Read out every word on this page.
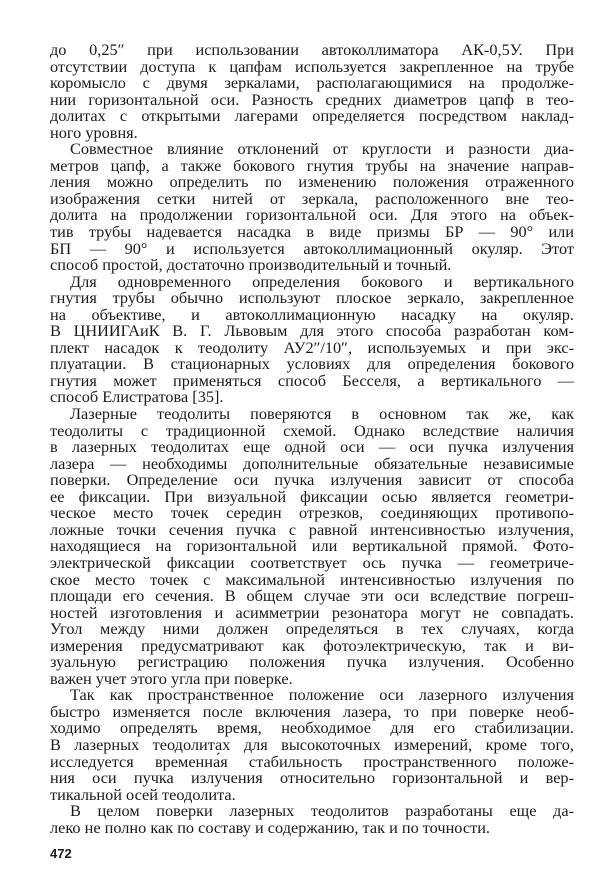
до 0,25″ при использовании автоколлиматора АК-0,5У. При
отсутствии доступа к цапфам используется закрепленное на трубе
коромысло с двумя зеркалами, располагающимися на продолже-
нии горизонтальной оси. Разность средних диаметров цапф в тео-
долитах с открытыми лагерами определяется посредством наклад-
ного уровня.
Совместное влияние отклонений от круглости и разности диа-
метров цапф, а также бокового гнутия трубы на значение направ-
ления можно определить по изменению положения отраженного
изображения сетки нитей от зеркала, расположенного вне тео-
долита на продолжении горизонтальной оси. Для этого на объек-
тив трубы надевается насадка в виде призмы БР — 90° или
БП — 90° и используется автоколлимационный окуляр. Этот
способ простой, достаточно производительный и точный.
Для одновременного определения бокового и вертикального
гнутия трубы обычно используют плоское зеркало, закрепленное
на объективе, и автоколлимационную насадку на окуляр.
В ЦНИИГАиК В. Г. Львовым для этого способа разработан ком-
плект насадок к теодолиту АУ2″/10″, используемых и при экс-
плуатации. В стационарных условиях для определения бокового
гнутия может применяться способ Бесселя, а вертикального —
способ Елистратова [35].
Лазерные теодолиты поверяются в основном так же, как
теодолиты с традиционной схемой. Однако вследствие наличия
в лазерных теодолитах еще одной оси — оси пучка излучения
лазера — необходимы дополнительные обязательные независимые
поверки. Определение оси пучка излучения зависит от способа
ее фиксации. При визуальной фиксации осью является геометри-
ческое место точек середин отрезков, соединяющих противопо-
ложные точки сечения пучка с равной интенсивностью излучения,
находящиеся на горизонтальной или вертикальной прямой. Фото-
электрической фиксации соответствует ось пучка — геометриче-
ское место точек с максимальной интенсивностью излучения по
площади его сечения. В общем случае эти оси вследствие погреш-
ностей изготовления и асимметрии резонатора могут не совпадать.
Угол между ними должен определяться в тех случаях, когда
измерения предусматривают как фотоэлектрическую, так и ви-
зуальную регистрацию положения пучка излучения. Особенно
важен учет этого угла при поверке.
Так как пространственное положение оси лазерного излучения
быстро изменяется после включения лазера, то при поверке необ-
ходимо определять время, необходимое для его стабилизации.
В лазерных теодолитах для высокоточных измерений, кроме того,
исследуется временна́я стабильность пространственного положе-
ния оси пучка излучения относительно горизонтальной и вер-
тикальной осей теодолита.
В целом поверки лазерных теодолитов разработаны еще да-
леко не полно как по составу и содержанию, так и по точности.
472
